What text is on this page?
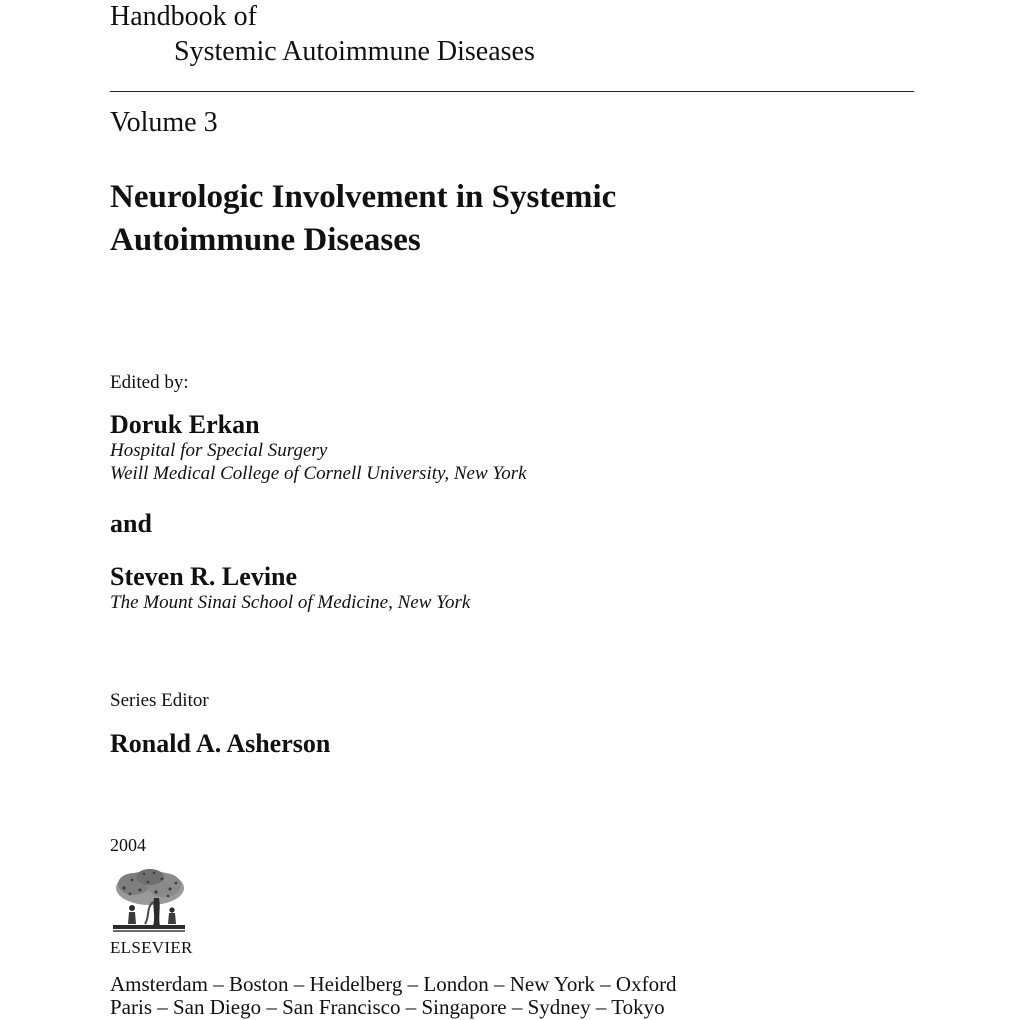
Handbook of
Systemic Autoimmune Diseases
Volume 3
Neurologic Involvement in Systemic
Autoimmune Diseases
Edited by:
Doruk Erkan
Hospital for Special Surgery
Weill Medical College of Cornell University, New York
and
Steven R. Levine
The Mount Sinai School of Medicine, New York
Series Editor
Ronald A. Asherson
2004
ELSEVIER
Amsterdam – Boston – Heidelberg – London – New York – Oxford
Paris – San Diego – San Francisco – Singapore – Sydney – Tokyo
